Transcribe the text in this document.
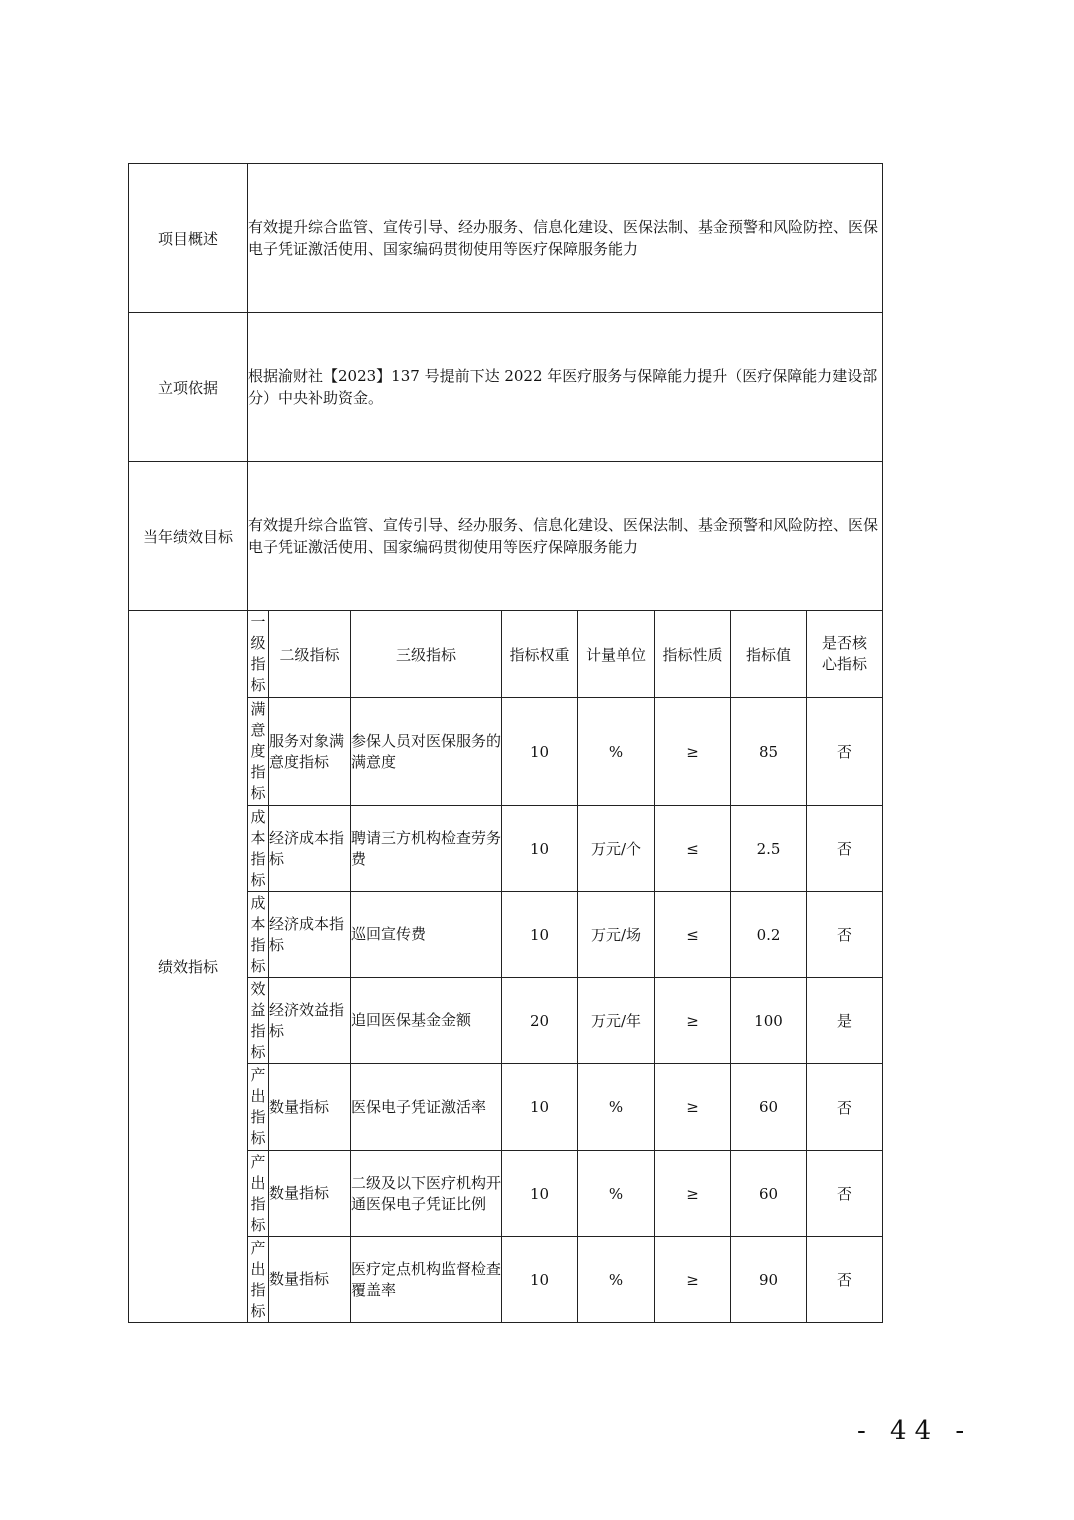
项目概述	有效提升综合监管、宣传引导、经办服务、信息化建设、医保法制、基金预警和风险防控、医保电子凭证激活使用、国家编码贯彻使用等医疗保障服务能力							
立项依据	根据渝财社【2023】137 号提前下达 2022 年医疗服务与保障能力提升（医疗保障能力建设部分）中央补助资金。							
当年绩效目标	有效提升综合监管、宣传引导、经办服务、信息化建设、医保法制、基金预警和风险防控、医保电子凭证激活使用、国家编码贯彻使用等医疗保障服务能力							
绩效指标	一级指标	二级指标	三级指标	指标权重	计量单位	指标性质	指标值	是否核心指标
	满意度指标	服务对象满意度指标	参保人员对医保服务的满意度	10	%	≥	85	否
	成本指标	经济成本指标	聘请三方机构检查劳务费	10	万元/个	≤	2.5	否
	成本指标	经济成本指标	巡回宣传费	10	万元/场	≤	0.2	否
	效益指标	经济效益指标	追回医保基金金额	20	万元/年	≥	100	是
	产出指标	数量指标	医保电子凭证激活率	10	%	≥	60	否
	产出指标	数量指标	二级及以下医疗机构开通医保电子凭证比例	10	%	≥	60	否
	产出指标	数量指标	医疗定点机构监督检查覆盖率	10	%	≥	90	否
- 44 -
